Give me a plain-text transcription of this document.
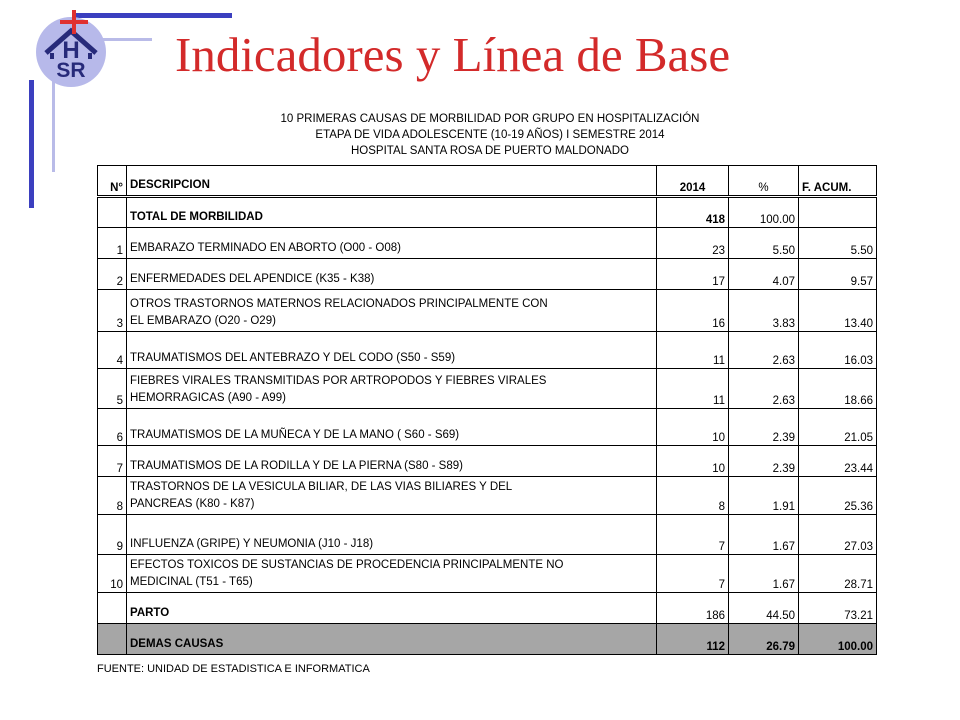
H
SR	Indicadores y Línea de Base
10 PRIMERAS CAUSAS DE MORBILIDAD POR GRUPO EN HOSPITALIZACIÓN
ETAPA DE VIDA ADOLESCENTE (10-19 AÑOS) I SEMESTRE 2014
HOSPITAL SANTA ROSA DE PUERTO MALDONADO
N°	DESCRIPCION	2014	%	F. ACUM.
	TOTAL DE MORBILIDAD	418	100.00	
1	EMBARAZO TERMINADO EN ABORTO (O00 - O08)	23	5.50	5.50
2	ENFERMEDADES DEL APENDICE (K35 - K38)	17	4.07	9.57
3	OTROS TRASTORNOS MATERNOS RELACIONADOS PRINCIPALMENTE CON
EL EMBARAZO (O20 - O29)	16	3.83	13.40
4	TRAUMATISMOS DEL ANTEBRAZO Y DEL CODO (S50 - S59)	11	2.63	16.03
5	FIEBRES VIRALES TRANSMITIDAS POR ARTROPODOS Y FIEBRES VIRALES
HEMORRAGICAS (A90 - A99)	11	2.63	18.66
6	TRAUMATISMOS DE LA MUÑECA Y DE LA MANO ( S60 - S69)	10	2.39	21.05
7	TRAUMATISMOS DE LA RODILLA Y DE LA PIERNA (S80 - S89)	10	2.39	23.44
8	TRASTORNOS DE LA VESICULA BILIAR, DE LAS VIAS BILIARES Y DEL
PANCREAS (K80 - K87)	8	1.91	25.36
9	INFLUENZA (GRIPE) Y NEUMONIA (J10 - J18)	7	1.67	27.03
10	EFECTOS TOXICOS DE SUSTANCIAS DE PROCEDENCIA PRINCIPALMENTE NO
MEDICINAL (T51 - T65)	7	1.67	28.71
	PARTO	186	44.50	73.21
	DEMAS CAUSAS	112	26.79	100.00
FUENTE: UNIDAD DE ESTADISTICA E INFORMATICA
